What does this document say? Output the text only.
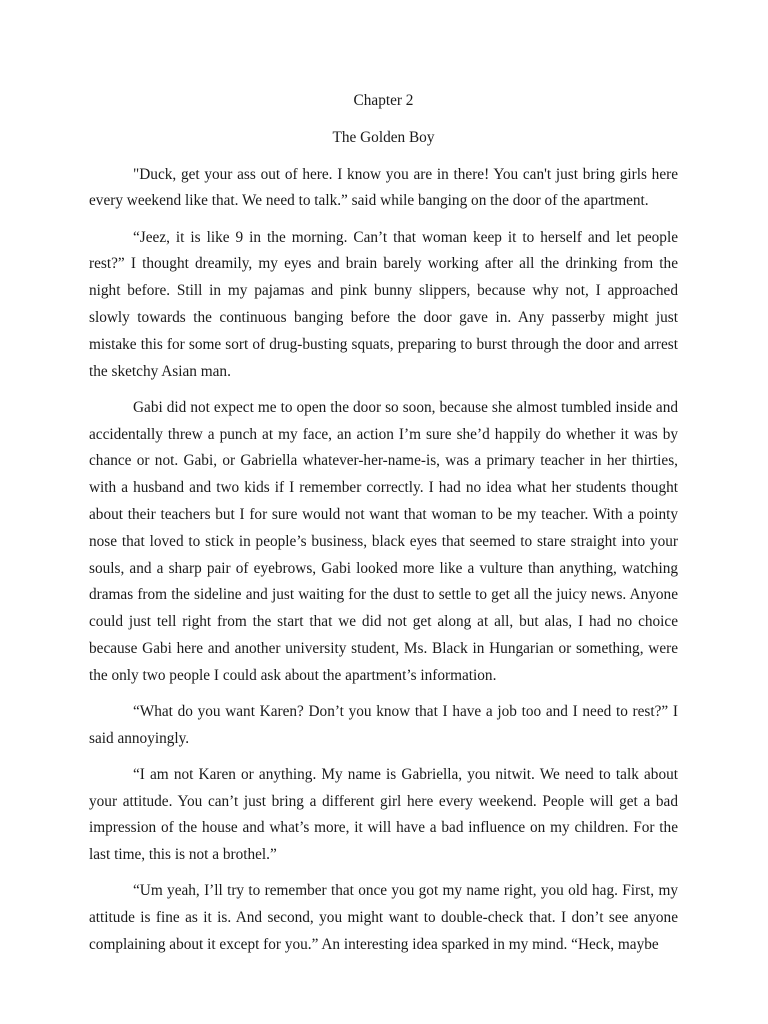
Chapter 2

The Golden Boy

"Duck, get your ass out of here. I know you are in there! You can't just bring girls here every weekend like that. We need to talk.” said while banging on the door of the apartment.

“Jeez, it is like 9 in the morning. Can’t that woman keep it to herself and let people rest?” I thought dreamily, my eyes and brain barely working after all the drinking from the night before. Still in my pajamas and pink bunny slippers, because why not, I approached slowly towards the continuous banging before the door gave in. Any passerby might just mistake this for some sort of drug-busting squats, preparing to burst through the door and arrest the sketchy Asian man.

Gabi did not expect me to open the door so soon, because she almost tumbled inside and accidentally threw a punch at my face, an action I’m sure she’d happily do whether it was by chance or not. Gabi, or Gabriella whatever-her-name-is, was a primary teacher in her thirties, with a husband and two kids if I remember correctly. I had no idea what her students thought about their teachers but I for sure would not want that woman to be my teacher. With a pointy nose that loved to stick in people’s business, black eyes that seemed to stare straight into your souls, and a sharp pair of eyebrows, Gabi looked more like a vulture than anything, watching dramas from the sideline and just waiting for the dust to settle to get all the juicy news. Anyone could just tell right from the start that we did not get along at all, but alas, I had no choice because Gabi here and another university student, Ms. Black in Hungarian or something, were the only two people I could ask about the apartment’s information.

“What do you want Karen? Don’t you know that I have a job too and I need to rest?” I said annoyingly.

“I am not Karen or anything. My name is Gabriella, you nitwit. We need to talk about your attitude. You can’t just bring a different girl here every weekend. People will get a bad impression of the house and what’s more, it will have a bad influence on my children. For the last time, this is not a brothel.”

“Um yeah, I’ll try to remember that once you got my name right, you old hag. First, my attitude is fine as it is. And second, you might want to double-check that. I don’t see anyone complaining about it except for you.” An interesting idea sparked in my mind. “Heck, maybe
